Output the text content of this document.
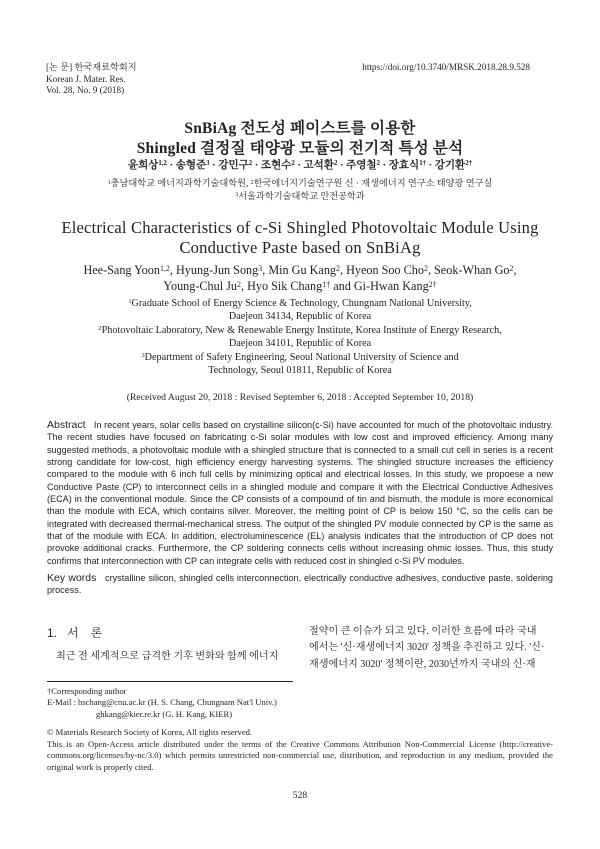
[논 문] 한국재료학회지
Korean J. Mater. Res.
Vol. 28, No. 9 (2018)
https://doi.org/10.3740/MRSK.2018.28.9.528
SnBiAg 전도성 페이스트를 이용한
Shingled 결정질 태양광 모듈의 전기적 특성 분석
윤희상$^{1,2}$ · 송형준$^3$ · 강민구$^2$ · 조현수$^2$ · 고석환$^2$ · 주영철$^2$ · 장효식$^{1\dagger}$ · 강기환$^{2\dagger}$
$^1$충남대학교 에너지과학기술대학원, $^2$한국에너지기술연구원 신 · 재생에너지 연구소 태양광 연구실
$^3$서울과학기술대학교 안전공학과
Electrical Characteristics of c-Si Shingled Photovoltaic Module Using
Conductive Paste based on SnBiAg
Hee-Sang Yoon$^{1,2}$, Hyung-Jun Song$^3$, Min Gu Kang$^2$, Hyeon Soo Cho$^2$, Seok-Whan Go$^2$,
Young-Chul Ju$^2$, Hyo Sik Chang$^{1\dagger}$ and Gi-Hwan Kang$^{2\dagger}$
$^1$Graduate School of Energy Science & Technology, Chungnam National University,
Daejeon 34134, Republic of Korea
$^2$Photovoltaic Laboratory, New & Renewable Energy Institute, Korea Institute of Energy Research,
Daejeon 34101, Republic of Korea
$^3$Department of Safety Engineering, Seoul National University of Science and
Technology, Seoul 01811, Republic of Korea
(Received August 20, 2018 : Revised September 6, 2018 : Accepted September 10, 2018)
Abstract In recent years, solar cells based on crystalline silicon(c-Si) have accounted for much of the photovoltaic industry. The recent studies have focused on fabricating c-Si solar modules with low cost and improved efficiency. Among many suggested methods, a photovoltaic module with a shingled structure that is connected to a small cut cell in series is a recent strong candidate for low-cost, high efficiency energy harvesting systems. The shingled structure increases the efficiency compared to the module with 6 inch full cells by minimizing optical and electrical losses. In this study, we propoese a new Conductive Paste (CP) to interconnect cells in a shingled module and compare it with the Electrical Conductive Adhesives (ECA) in the conventional module. Since the CP consists of a compound of tin and bismuth, the module is more economical than the module with ECA, which contains silver. Moreover, the melting point of CP is below 150 °C, so the cells can be integrated with decreased thermal-mechanical stress. The output of the shingled PV module connected by CP is the same as that of the module with ECA. In addition, electroluminescence (EL) analysis indicates that the introduction of CP does not provoke additional cracks. Furthermore, the CP soldering connects cells without increasing ohmic losses. Thus, this study confirms that interconnection with CP can integrate cells with reduced cost in shingled c-Si PV modules.
Key words crystalline silicon, shingled cells interconnection, electrically conductive adhesives, conductive paste, soldering process.
1. 서론
최근 전 세계적으로 급격한 기후 변화와 함께 에너지
절약이 큰 이슈가 되고 있다. 이러한 흐름에 따라 국내
에서는 '신·재생에너지 3020' 정책을 추진하고 있다. '신·
재생에너지 3020' 정책이란, 2030년까지 국내의 신·재
†Corresponding author
E-Mail : hschang@cnu.ac.kr (H. S. Chang, Chungnam Nat'l Univ.)
ghkang@kier.re.kr (G. H. Kang, KIER)
© Materials Research Society of Korea, All rights reserved.
This is an Open-Access article distributed under the terms of the Creative Commons Attribution Non-Commercial License (http://creative-commons.org/licenses/by-nc/3.0) which permits unrestricted non-commercial use, distribution, and reproduction in any medium, provided the original work is properly cited.
528
